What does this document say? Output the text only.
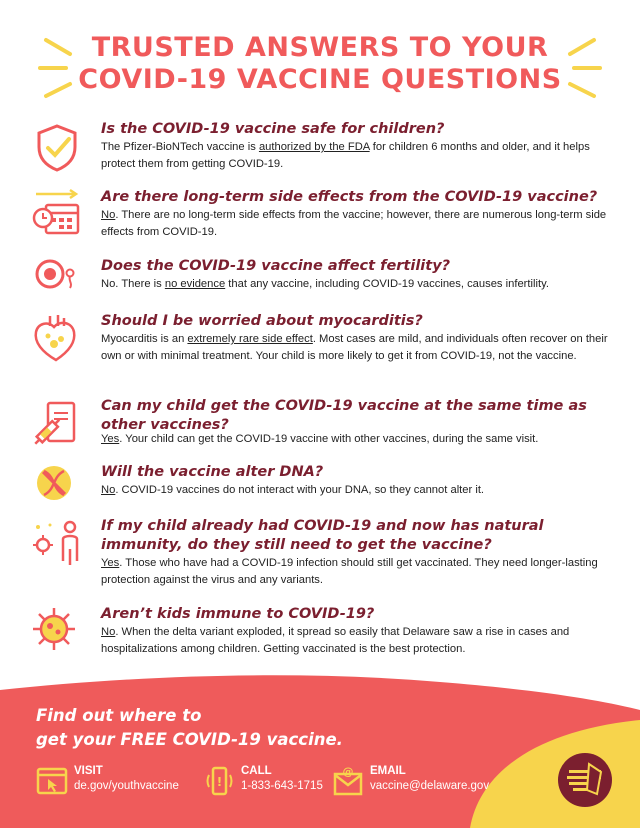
TRUSTED ANSWERS TO YOUR
COVID-19 VACCINE QUESTIONS
Is the COVID-19 vaccine safe for children?
The Pfizer-BioNTech vaccine is authorized by the FDA for children 6 months and older, and it helps protect them from getting COVID-19.
Are there long-term side effects from the COVID-19 vaccine?
No. There are no long-term side effects from the vaccine; however, there are numerous long-term side effects from COVID-19.
Does the COVID-19 vaccine affect fertility?
No. There is no evidence that any vaccine, including COVID-19 vaccines, causes infertility.
Should I be worried about myocarditis?
Myocarditis is an extremely rare side effect. Most cases are mild, and individuals often recover on their own or with minimal treatment. Your child is more likely to get it from COVID-19, not the vaccine.
Can my child get the COVID-19 vaccine at the same time as other vaccines?
Yes. Your child can get the COVID-19 vaccine with other vaccines, during the same visit.
Will the vaccine alter DNA?
No. COVID-19 vaccines do not interact with your DNA, so they cannot alter it.
If my child already had COVID-19 and now has natural immunity, do they still need to get the vaccine?
Yes. Those who have had a COVID-19 infection should still get vaccinated. They need longer-lasting protection against the virus and any variants.
Aren’t kids immune to COVID-19?
No. When the delta variant exploded, it spread so easily that Delaware saw a rise in cases and hospitalizations among children. Getting vaccinated is the best protection.
Find out where to
get your FREE COVID-19 vaccine.
VISIT
de.gov/youthvaccine	!
CALL
1-833-643-1715
@ EMAIL
vaccine@delaware.gov
